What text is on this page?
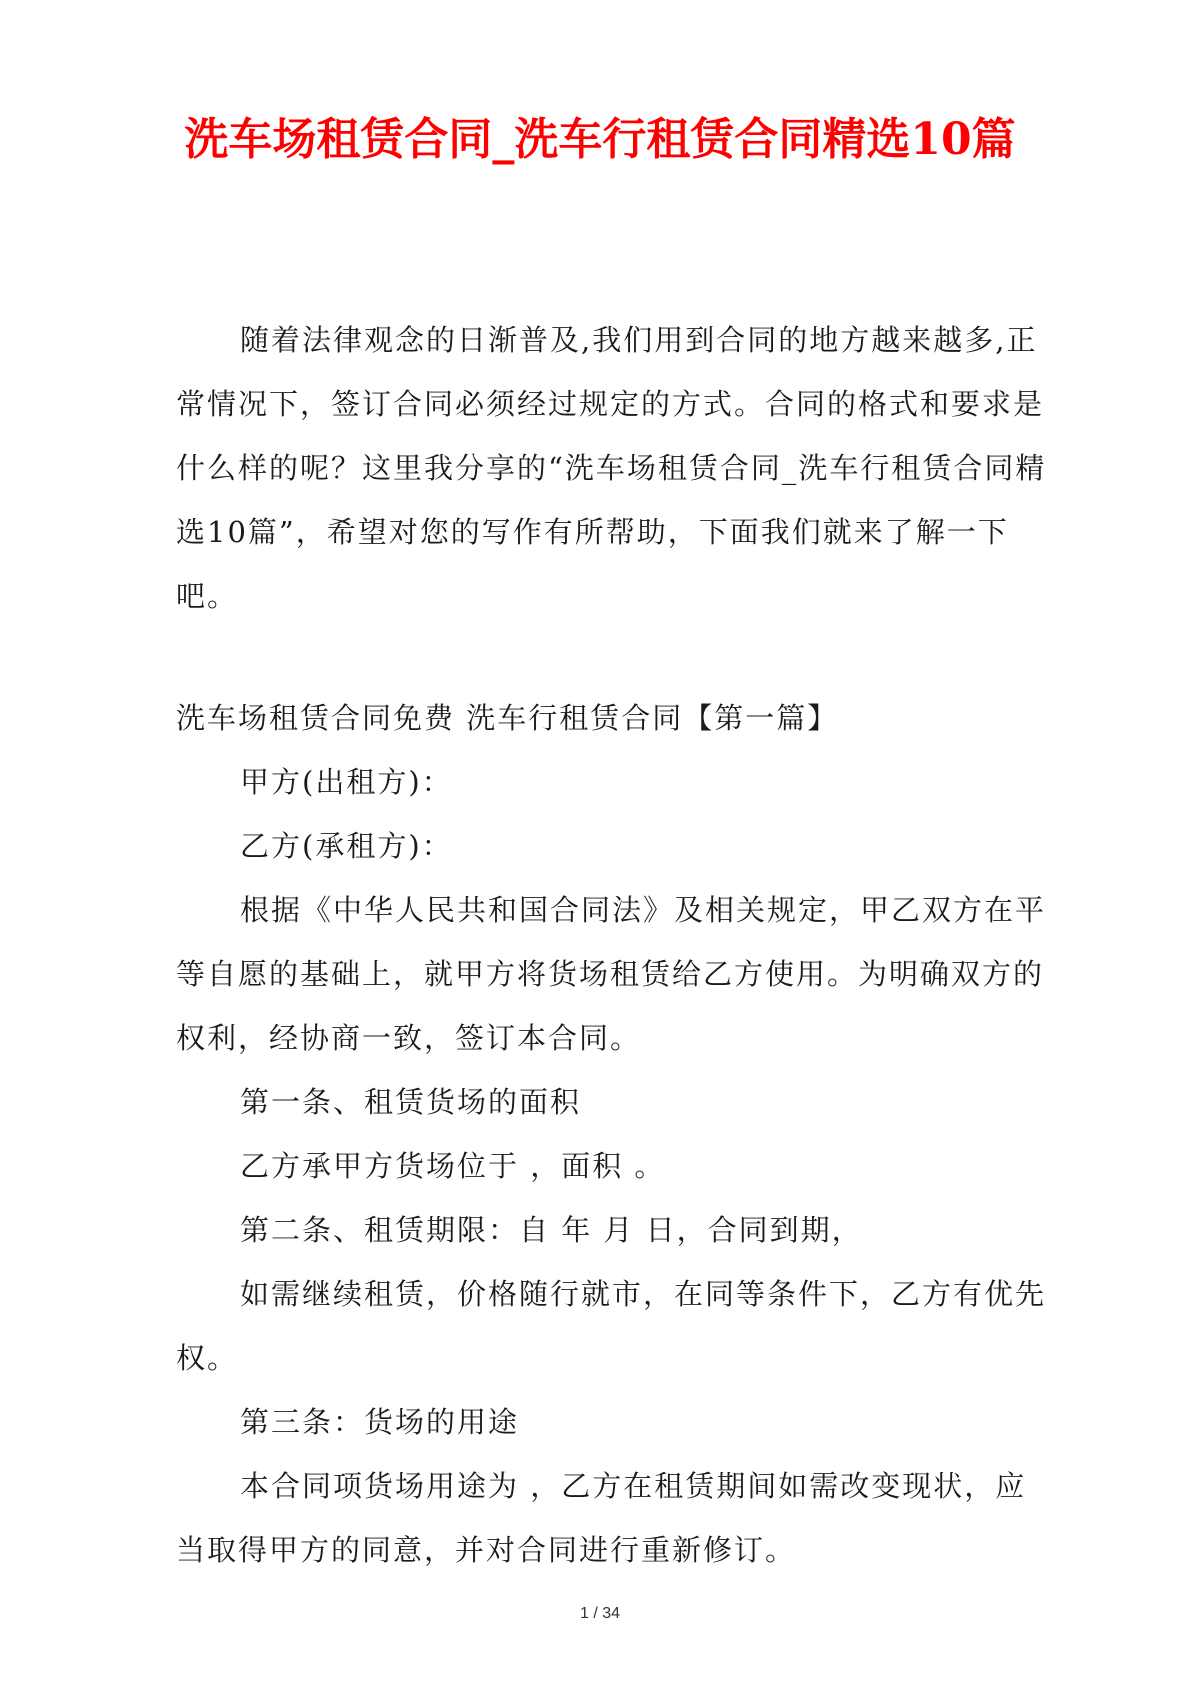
洗车场租赁合同_洗车行租赁合同精选10篇

随着法律观念的日渐普及,我们用到合同的地方越来越多,正常情况下，签订合同必须经过规定的方式。合同的格式和要求是什么样的呢？这里我分享的“洗车场租赁合同_洗车行租赁合同精选10篇”，希望对您的写作有所帮助，下面我们就来了解一下吧。

洗车场租赁合同免费 洗车行租赁合同【第一篇】

甲方(出租方)：

乙方(承租方)：

根据《中华人民共和国合同法》及相关规定，甲乙双方在平等自愿的基础上，就甲方将货场租赁给乙方使用。为明确双方的权利，经协商一致，签订本合同。

第一条、租赁货场的面积

乙方承甲方货场位于 ，面积 。

第二条、租赁期限：自 年 月 日，合同到期，

如需继续租赁，价格随行就市，在同等条件下，乙方有优先权。

第三条：货场的用途

本合同项货场用途为 ，乙方在租赁期间如需改变现状，应当取得甲方的同意，并对合同进行重新修订。

1 / 34
